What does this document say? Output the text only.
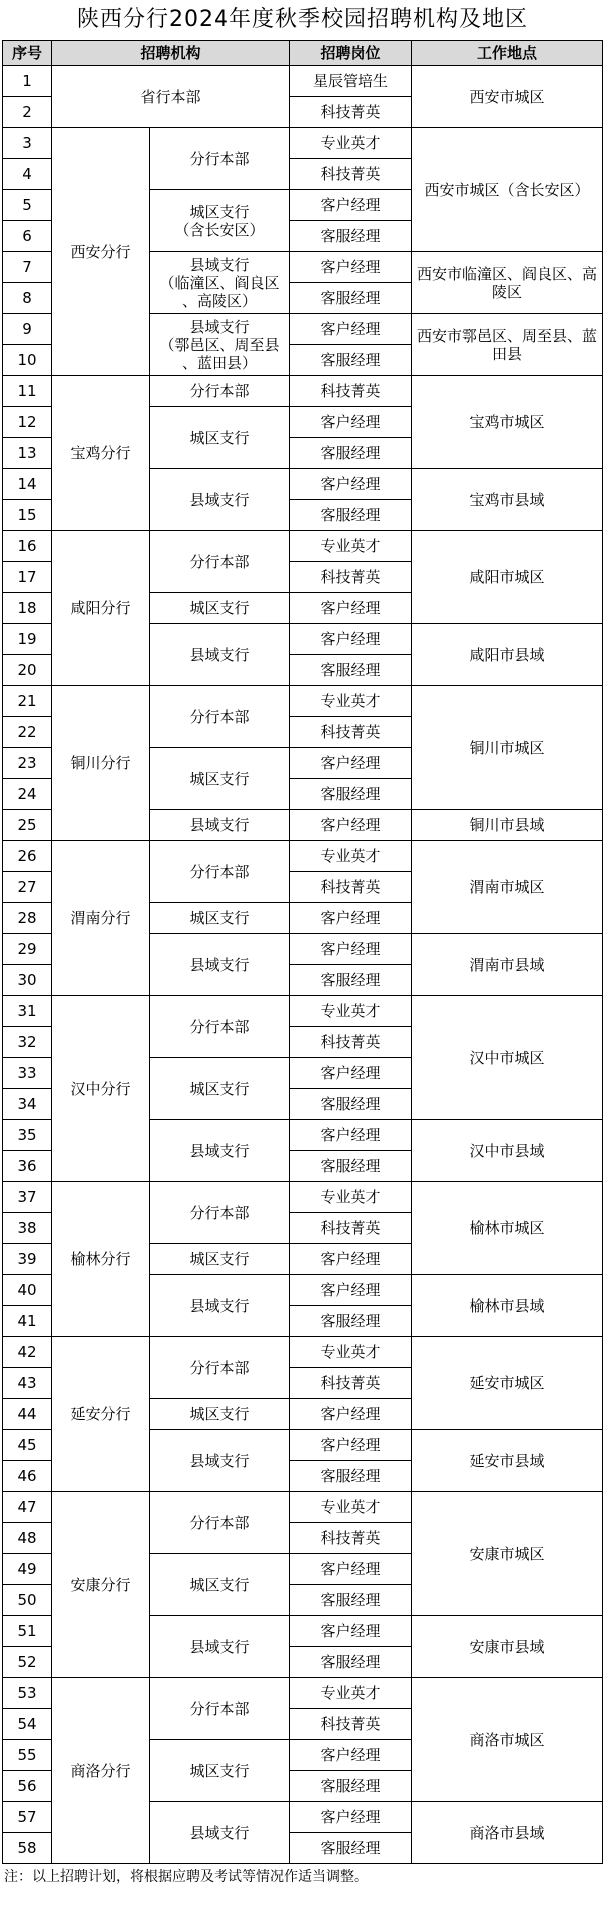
陕西分行2024年度秋季校园招聘机构及地区
序号	招聘机构		招聘岗位	工作地点
1	省行本部		星辰管培生	西安市城区
2			科技菁英	
3	西安分行	分行本部	专业英才	西安市城区（含长安区）
4			科技菁英	
5		城区支行
（含长安区）	客户经理	
6			客服经理	
7		县域支行
（临潼区、阎良区
、高陵区）	客户经理	西安市临潼区、阎良区、高陵区
8			客服经理	
9		县域支行
（鄠邑区、周至县
、蓝田县）	客户经理	西安市鄠邑区、周至县、蓝田县
10			客服经理	
11	宝鸡分行	分行本部	科技菁英	宝鸡市城区
12		城区支行	客户经理	
13			客服经理	
14		县域支行	客户经理	宝鸡市县域
15			客服经理	
16	咸阳分行	分行本部	专业英才	咸阳市城区
17			科技菁英	
18		城区支行	客户经理	
19		县域支行	客户经理	咸阳市县域
20			客服经理	
21	铜川分行	分行本部	专业英才	铜川市城区
22			科技菁英	
23		城区支行	客户经理	
24			客服经理	
25		县域支行	客户经理	铜川市县域
26	渭南分行	分行本部	专业英才	渭南市城区
27			科技菁英	
28		城区支行	客户经理	
29		县域支行	客户经理	渭南市县域
30			客服经理	
31	汉中分行	分行本部	专业英才	汉中市城区
32			科技菁英	
33		城区支行	客户经理	
34			客服经理	
35		县域支行	客户经理	汉中市县域
36			客服经理	
37	榆林分行	分行本部	专业英才	榆林市城区
38			科技菁英	
39		城区支行	客户经理	
40		县域支行	客户经理	榆林市县域
41			客服经理	
42	延安分行	分行本部	专业英才	延安市城区
43			科技菁英	
44		城区支行	客户经理	
45		县域支行	客户经理	延安市县域
46			客服经理	
47	安康分行	分行本部	专业英才	安康市城区
48			科技菁英	
49		城区支行	客户经理	
50			客服经理	
51		县域支行	客户经理	安康市县域
52			客服经理	
53	商洛分行	分行本部	专业英才	商洛市城区
54			科技菁英	
55		城区支行	客户经理	
56			客服经理	
57		县域支行	客户经理	商洛市县域
58			客服经理	
注：以上招聘计划，将根据应聘及考试等情况作适当调整。
